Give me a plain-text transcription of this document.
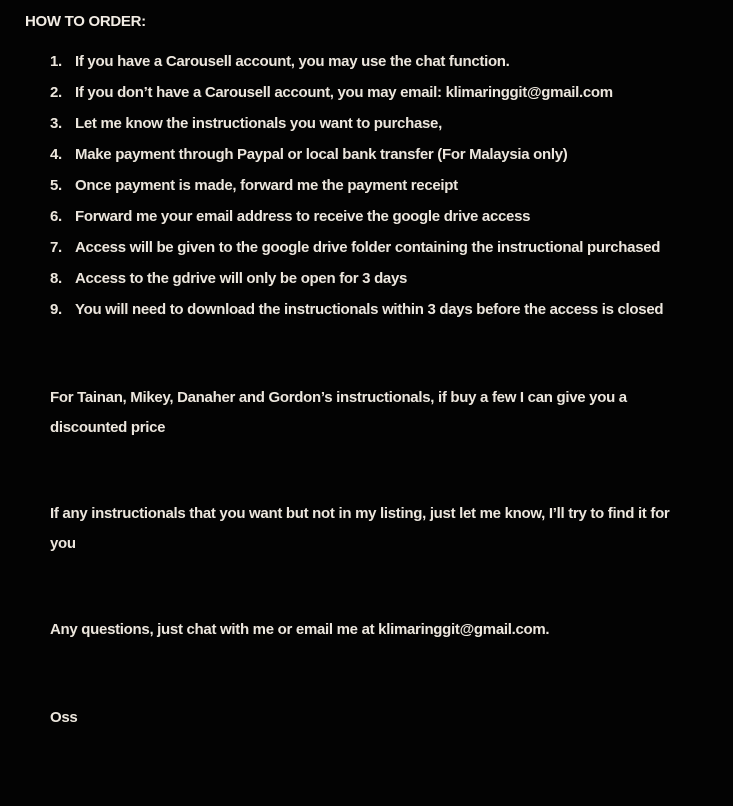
HOW TO ORDER:
1. If you have a Carousell account, you may use the chat function.
2. If you don’t have a Carousell account, you may email: klimaringgit@gmail.com
3. Let me know the instructionals you want to purchase,
4. Make payment through Paypal or local bank transfer (For Malaysia only)
5. Once payment is made, forward me the payment receipt
6. Forward me your email address to receive the google drive access
7. Access will be given to the google drive folder containing the instructional purchased
8. Access to the gdrive will only be open for 3 days
9. You will need to download the instructionals within 3 days before the access is closed

For Tainan, Mikey, Danaher and Gordon’s instructionals, if buy a few I can give you a discounted price

If any instructionals that you want but not in my listing, just let me know, I’ll try to find it for you

Any questions, just chat with me or email me at klimaringgit@gmail.com.

Oss
